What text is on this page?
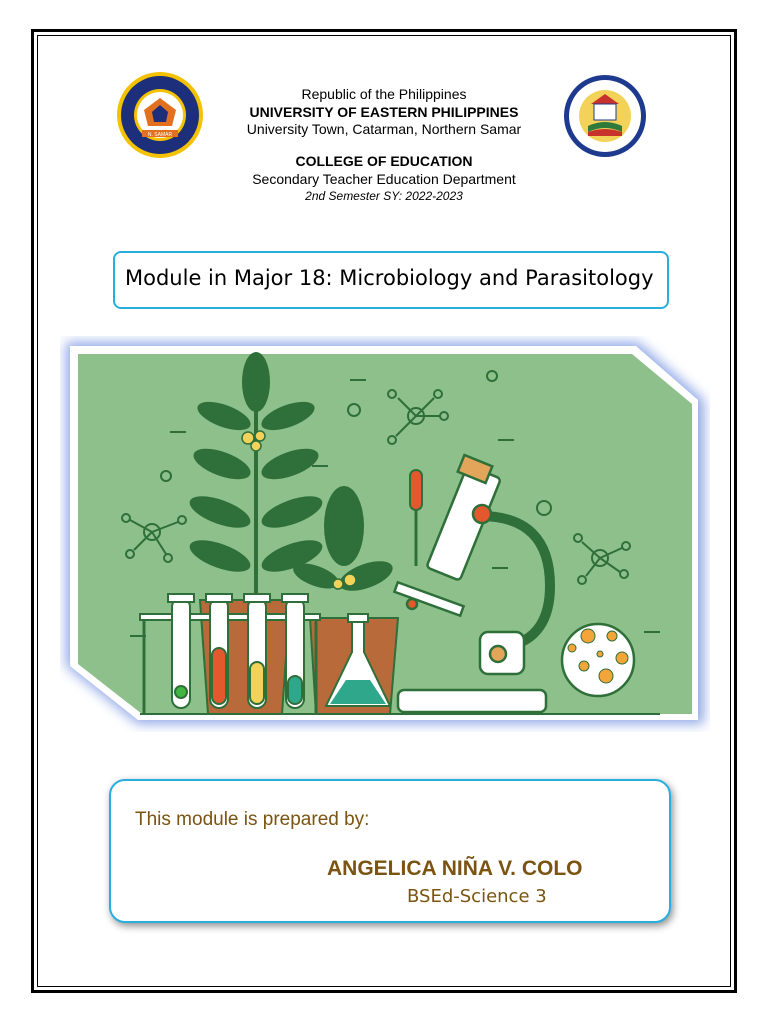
N. SAMAR
Republic of the Philippines
UNIVERSITY OF EASTERN PHILIPPINES
University Town, Catarman, Northern Samar
COLLEGE OF EDUCATION
Secondary Teacher Education Department
2nd Semester SY: 2022-2023
Module in Major 18: Microbiology and Parasitology
This module is prepared by:
ANGELICA NIÑA V. COLO
BSEd-Science 3
